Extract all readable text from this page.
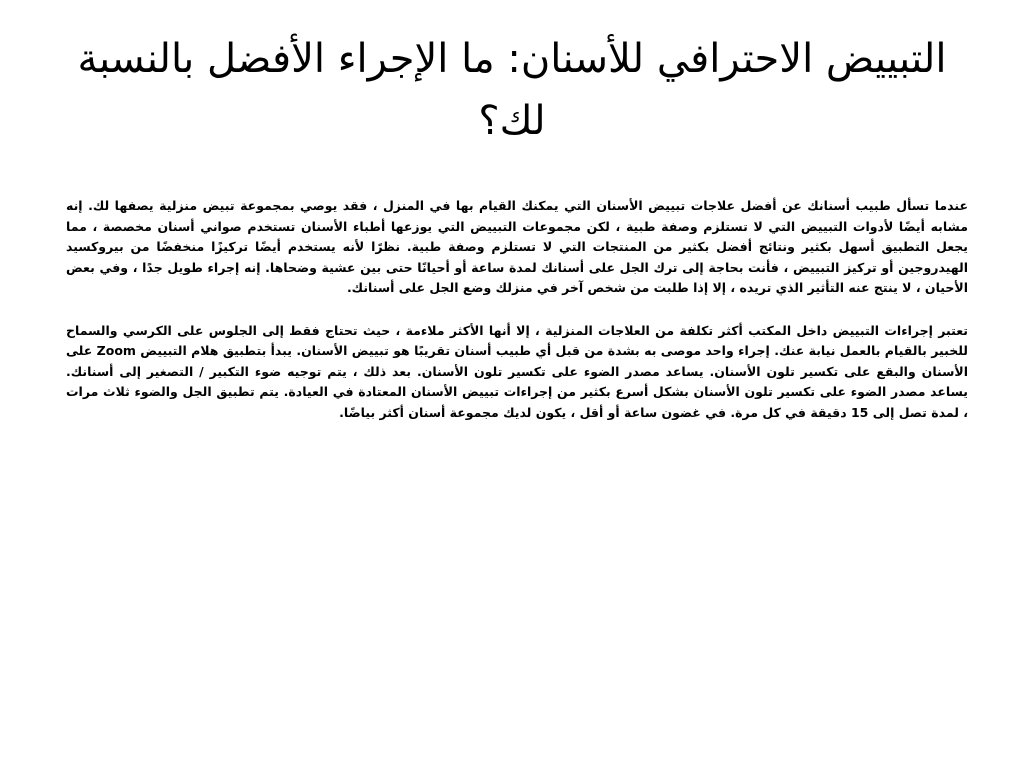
التبييض الاحترافي للأسنان: ما الإجراء الأفضل بالنسبة لك؟

عندما تسأل طبيب أسنانك عن أفضل علاجات تبييض الأسنان التي يمكنك القيام بها في المنزل ، فقد يوصي بمجموعة تبيض منزلية يصفها لك. إنه مشابه أيضًا لأدوات التبييض التي لا تستلزم وصفة طبية ، لكن مجموعات التبييض التي يوزعها أطباء الأسنان تستخدم صواني أسنان مخصصة ، مما يجعل التطبيق أسهل بكثير ونتائج أفضل بكثير من المنتجات التي لا تستلزم وصفة طبية. نظرًا لأنه يستخدم أيضًا تركيزًا منخفضًا من بيروكسيد الهيدروجين أو تركيز التبييض ، فأنت بحاجة إلى ترك الجل على أسنانك لمدة ساعة أو أحيانًا حتى بين عشية وضحاها. إنه إجراء طويل جدًا ، وفي بعض الأحيان ، لا ينتج عنه التأثير الذي تريده ، إلا إذا طلبت من شخص آخر في منزلك وضع الجل على أسنانك.

تعتبر إجراءات التبييض داخل المكتب أكثر تكلفة من العلاجات المنزلية ، إلا أنها الأكثر ملاءمة ، حيث تحتاج فقط إلى الجلوس على الكرسي والسماح للخبير بالقيام بالعمل نيابة عنك. إجراء واحد موصى به بشدة من قبل أي طبيب أسنان تقريبًا هو تبييض الأسنان. يبدأ بتطبيق هلام التبييض Zoom على الأسنان والبقع على تكسير تلون الأسنان. يساعد مصدر الضوء على تكسير تلون الأسنان. بعد ذلك ، يتم توجيه ضوء التكبير / التصغير إلى أسنانك. يساعد مصدر الضوء على تكسير تلون الأسنان بشكل أسرع بكثير من إجراءات تبييض الأسنان المعتادة في العيادة. يتم تطبيق الجل والضوء ثلاث مرات ، لمدة تصل إلى 15 دقيقة في كل مرة. في غضون ساعة أو أقل ، يكون لديك مجموعة أسنان أكثر بياضًا.
